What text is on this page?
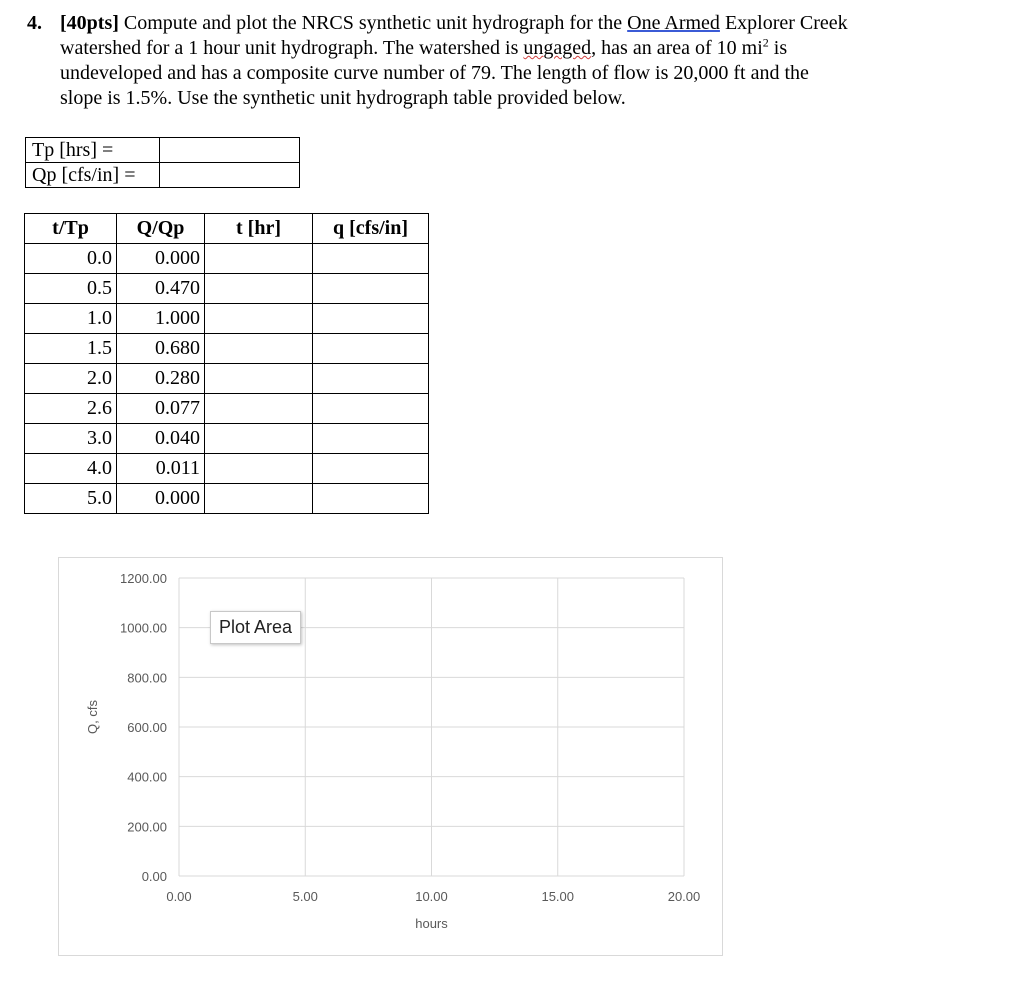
4. [40pts] Compute and plot the NRCS synthetic unit hydrograph for the One Armed Explorer Creek
watershed for a 1 hour unit hydrograph. The watershed is ungaged, has an area of 10 $mi^2$ is
undeveloped and has a composite curve number of 79. The length of flow is 20,000 ft and the
slope is 1.5%. Use the synthetic unit hydrograph table provided below.
Tp [hrs] =	
Qp [cfs/in] =	
t/Tp	Q/Qp	t [hr]	q [cfs/in]
0.0	0.000		
0.5	0.470		
1.0	1.000		
1.5	0.680		
2.0	0.280		
2.6	0.077		
3.0	0.040		
4.0	0.011		
5.0	0.000		
0.00
200.00
400.00
600.00
800.00
1000.00
1200.00
0.00	5.00	10.00	15.00	20.00
hours
Q, cfs
Plot Area
